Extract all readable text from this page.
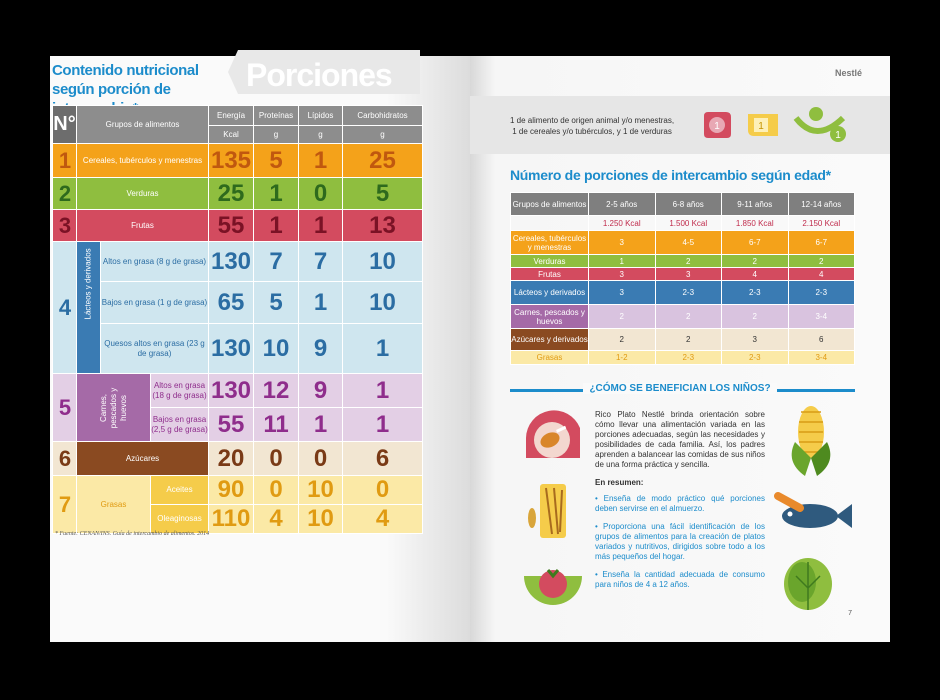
Contenido nutricional según porción de	Porciones
N°	Grupos de alimentos			Energía	Proteínas	Lípidos	Carbohidratos
				Kcal	g	g	g
1	Cereales, tubérculos y menestras			135	5	1	25
2	Verduras			25	1	0	5
3	Frutas			55	1	1	13
4	Lácteos y derivados	Altos en grasa (8 g de grasa)		130	7	7	10
		Bajos en grasa (1 g de grasa)		65	5	1	10
		Quesos altos en grasa (23 g de grasa)		130	10	9	1
5	Carnes, pescados y huevos		Altos en grasa (18 g de grasa)	130	12	9	1
			Bajos en grasa (2,5 g de grasa)	55	11	1	1
6	Azúcares			20	0	0	6
7	Grasas		Aceites	90	0	10	0
			Oleaginosas	110	4	10	4
* Fuente: CENAN/INS. Guía de intercambio de alimentos. 2014
Nestlé
1 de alimento de origen animal y/o menestras,
1 de cereales y/o tubérculos, y 1 de verduras	1	1
1
Número de porciones de intercambio según edad*
Grupos de alimentos	2-5 años	6-8 años	9-11 años	12-14 años
	1.250 Kcal	1.500 Kcal	1.850 Kcal	2.150 Kcal
Cereales, tubérculos y menestras	3	4-5	6-7	6-7
Verduras	1	2	2	2
Frutas	3	3	4	4
Lácteos y derivados	3	2-3	2-3	2-3
Carnes, pescados y huevos	2	2	2	3-4
Azúcares y derivados	2	2	3	6
Grasas	1-2	2-3	2-3	3-4
¿CÓMO SE BENEFICIAN LOS NIÑOS?

Rico Plato Nestlé brinda orientación sobre cómo llevar una alimentación variada en las porciones adecuadas, según las necesidades y posibilidades de cada familia. Así, los padres aprenden a balancear las comidas de sus niños de una forma práctica y sencilla.

En resumen:
• Enseña de modo práctico qué porciones deben servirse en el almuerzo.
• Proporciona una fácil identificación de los grupos de alimentos para la creación de platos variados y nutritivos, dirigidos sobre todo a los más pequeños del hogar.
• Enseña la cantidad adecuada de consumo para niños de 4 a 12 años.
7
